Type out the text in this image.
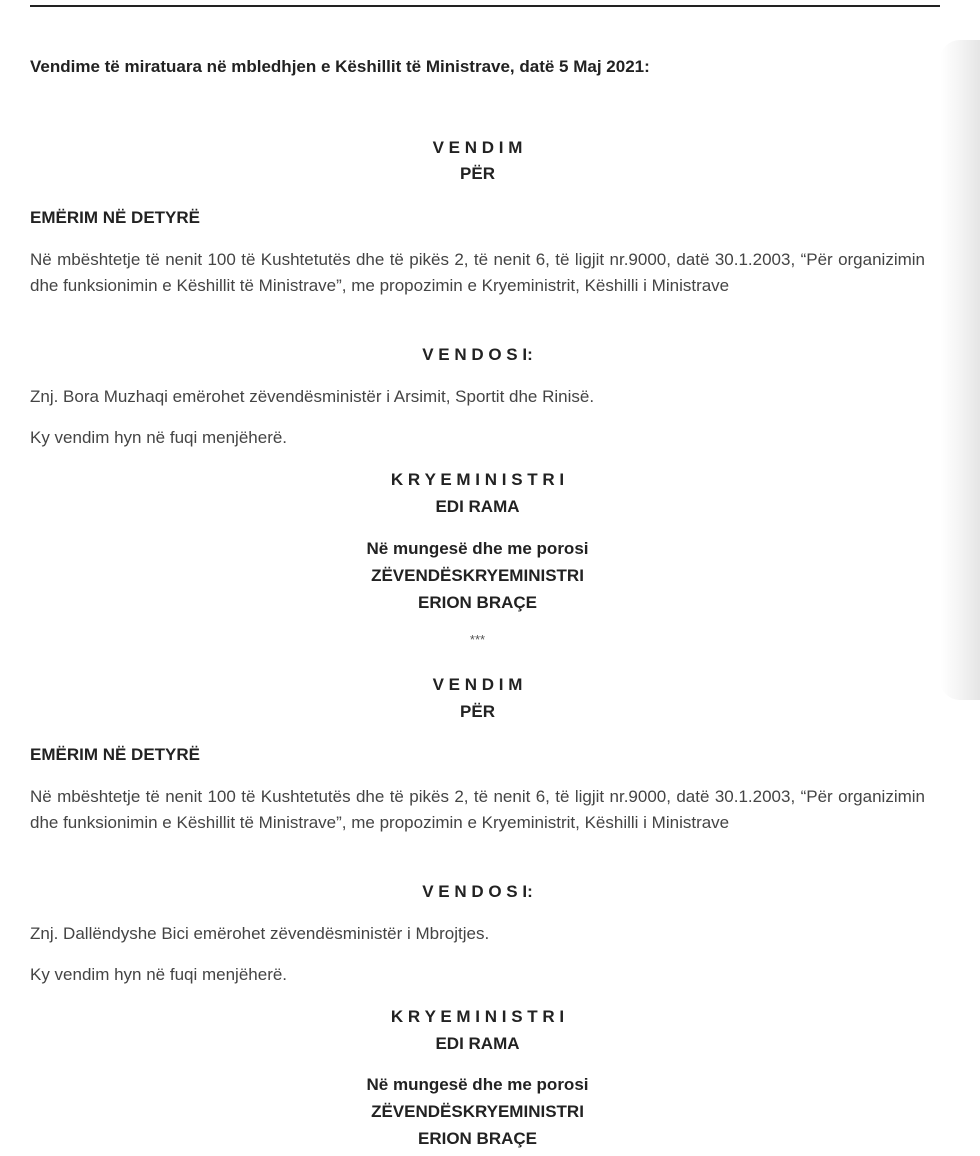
Vendime të miratuara në mbledhjen e Këshillit të Ministrave, datë 5 Maj 2021:
V E N D I M
PËR
EMËRIM NË DETYRË
Në mbështetje të nenit 100 të Kushtetutës dhe të pikës 2, të nenit 6, të ligjit nr.9000, datë 30.1.2003, “Për organizimin dhe funksionimin e Këshillit të Ministrave”, me propozimin e Kryeministrit, Këshilli i Ministrave
V E N D O S I:
Znj. Bora Muzhaqi emërohet zëvendësministër i Arsimit, Sportit dhe Rinisë.
Ky vendim hyn në fuqi menjëherë.
K R Y E M I N I S T R I
EDI RAMA
Në mungesë dhe me porosi
ZËVENDËSKRYEMINISTRI
ERION BRAÇE
***
V E N D I M
PËR
EMËRIM NË DETYRË
Në mbështetje të nenit 100 të Kushtetutës dhe të pikës 2, të nenit 6, të ligjit nr.9000, datë 30.1.2003, “Për organizimin dhe funksionimin e Këshillit të Ministrave”, me propozimin e Kryeministrit, Këshilli i Ministrave
V E N D O S I:
Znj. Dallëndyshe Bici emërohet zëvendësministër i Mbrojtjes.
Ky vendim hyn në fuqi menjëherë.
K R Y E M I N I S T R I
EDI RAMA
Në mungesë dhe me porosi
ZËVENDËSKRYEMINISTRI
ERION BRAÇE
